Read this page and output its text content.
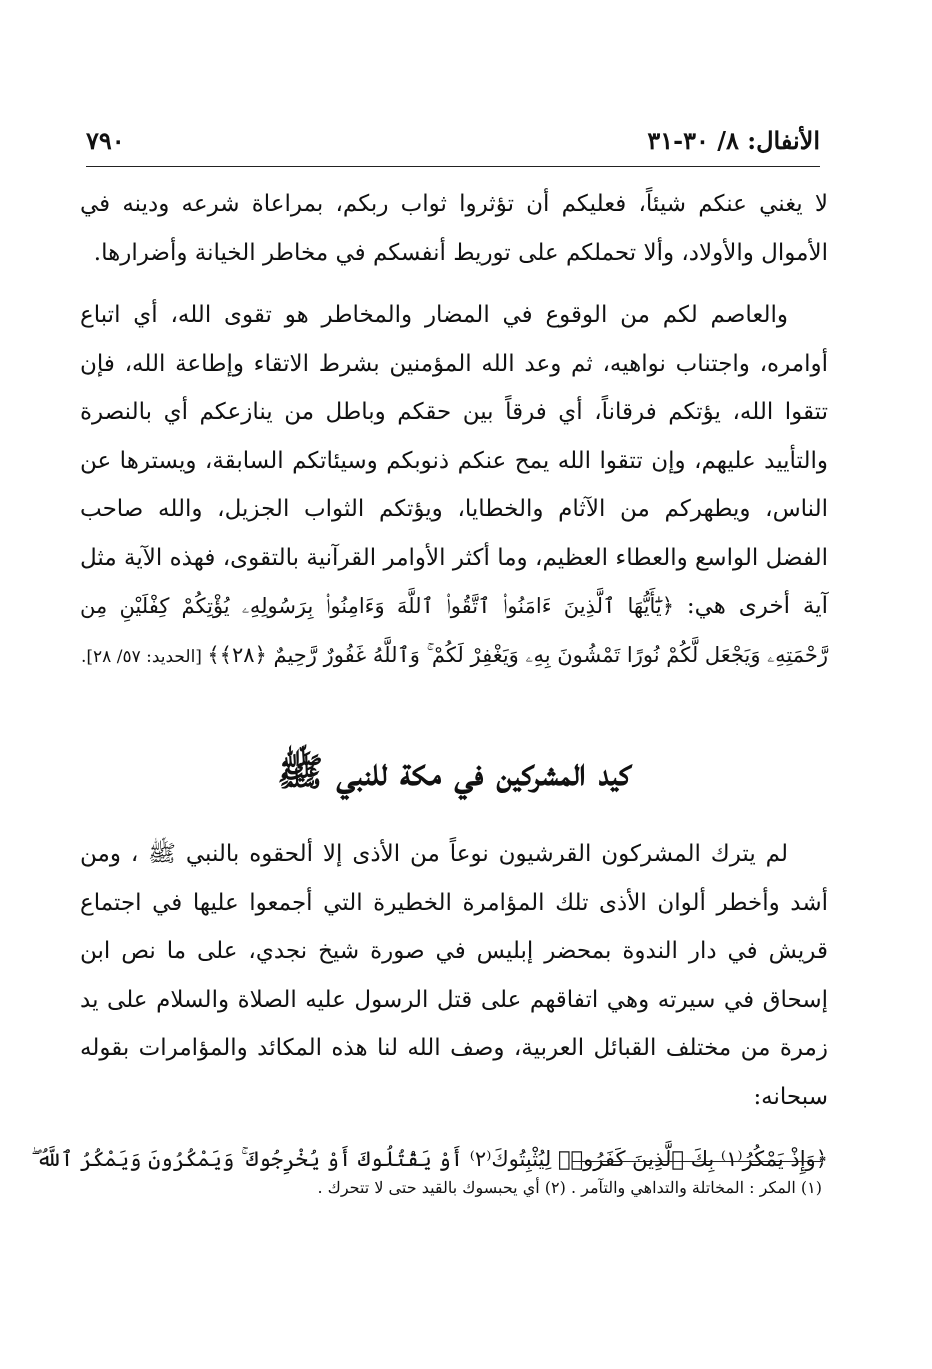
الأنفال: ٨/ ٣٠-٣١
٧٩٠

لا يغني عنكم شيئاً، فعليكم أن تؤثروا ثواب ربكم، بمراعاة شرعه ودينه في الأموال والأولاد، وألا تحملكم على توريط أنفسكم في مخاطر الخيانة وأضرارها.

والعاصم لكم من الوقوع في المضار والمخاطر هو تقوى الله، أي اتباع أوامره، واجتناب نواهيه، ثم وعد الله المؤمنين بشرط الاتقاء وإطاعة الله، فإن تتقوا الله، يؤتكم فرقاناً، أي فرقاً بين حقكم وباطل من ينازعكم أي بالنصرة والتأييد عليهم، وإن تتقوا الله يمح عنكم ذنوبكم وسيئاتكم السابقة، ويسترها عن الناس، ويطهركم من الآثام والخطايا، ويؤتكم الثواب الجزيل، والله صاحب الفضل الواسع والعطاء العظيم، وما أكثر الأوامر القرآنية بالتقوى، فهذه الآية مثل آية أخرى هي: ﴿يَٰٓأَيُّهَا ٱلَّذِينَ ءَامَنُوا۟ ٱتَّقُوا۟ ٱللَّهَ وَءَامِنُوا۟ بِرَسُولِهِۦ يُؤْتِكُمْ كِفْلَيْنِ مِن رَّحْمَتِهِۦ وَيَجْعَل لَّكُمْ نُورًا تَمْشُونَ بِهِۦ وَيَغْفِرْ لَكُمْ ۚ وَٱللَّهُ غَفُورٌ رَّحِيمٌ ﴿٢٨﴾﴾ [الحديد: ٥٧/ ٢٨].

كيد المشركين في مكة للنبي ﷺ

لم يترك المشركون القرشيون نوعاً من الأذى إلا ألحقوه بالنبي ﷺ ، ومن أشد وأخطر ألوان الأذى تلك المؤامرة الخطيرة التي أجمعوا عليها في اجتماع قريش في دار الندوة بمحضر إبليس في صورة شيخ نجدي، على ما نص ابن إسحاق في سيرته وهي اتفاقهم على قتل الرسول عليه الصلاة والسلام على يد زمرة من مختلف القبائل العربية، وصف الله لنا هذه المكائد والمؤامرات بقوله سبحانه:

﴿وَإِذْ يَمْكُرُ⁽١⁾ بِكَ ٱلَّذِينَ كَفَرُوا۟ لِيُثْبِتُوكَ⁽٢⁾ أَوْ يَقْتُلُوكَ أَوْ يُخْرِجُوكَ ۚ وَيَمْكُرُونَ وَيَمْكُرُ ٱللَّهُ ۖ
(١) المكر : المخاتلة والتداهي والتآمر . (٢) أي يحبسوك بالقيد حتى لا تتحرك .
